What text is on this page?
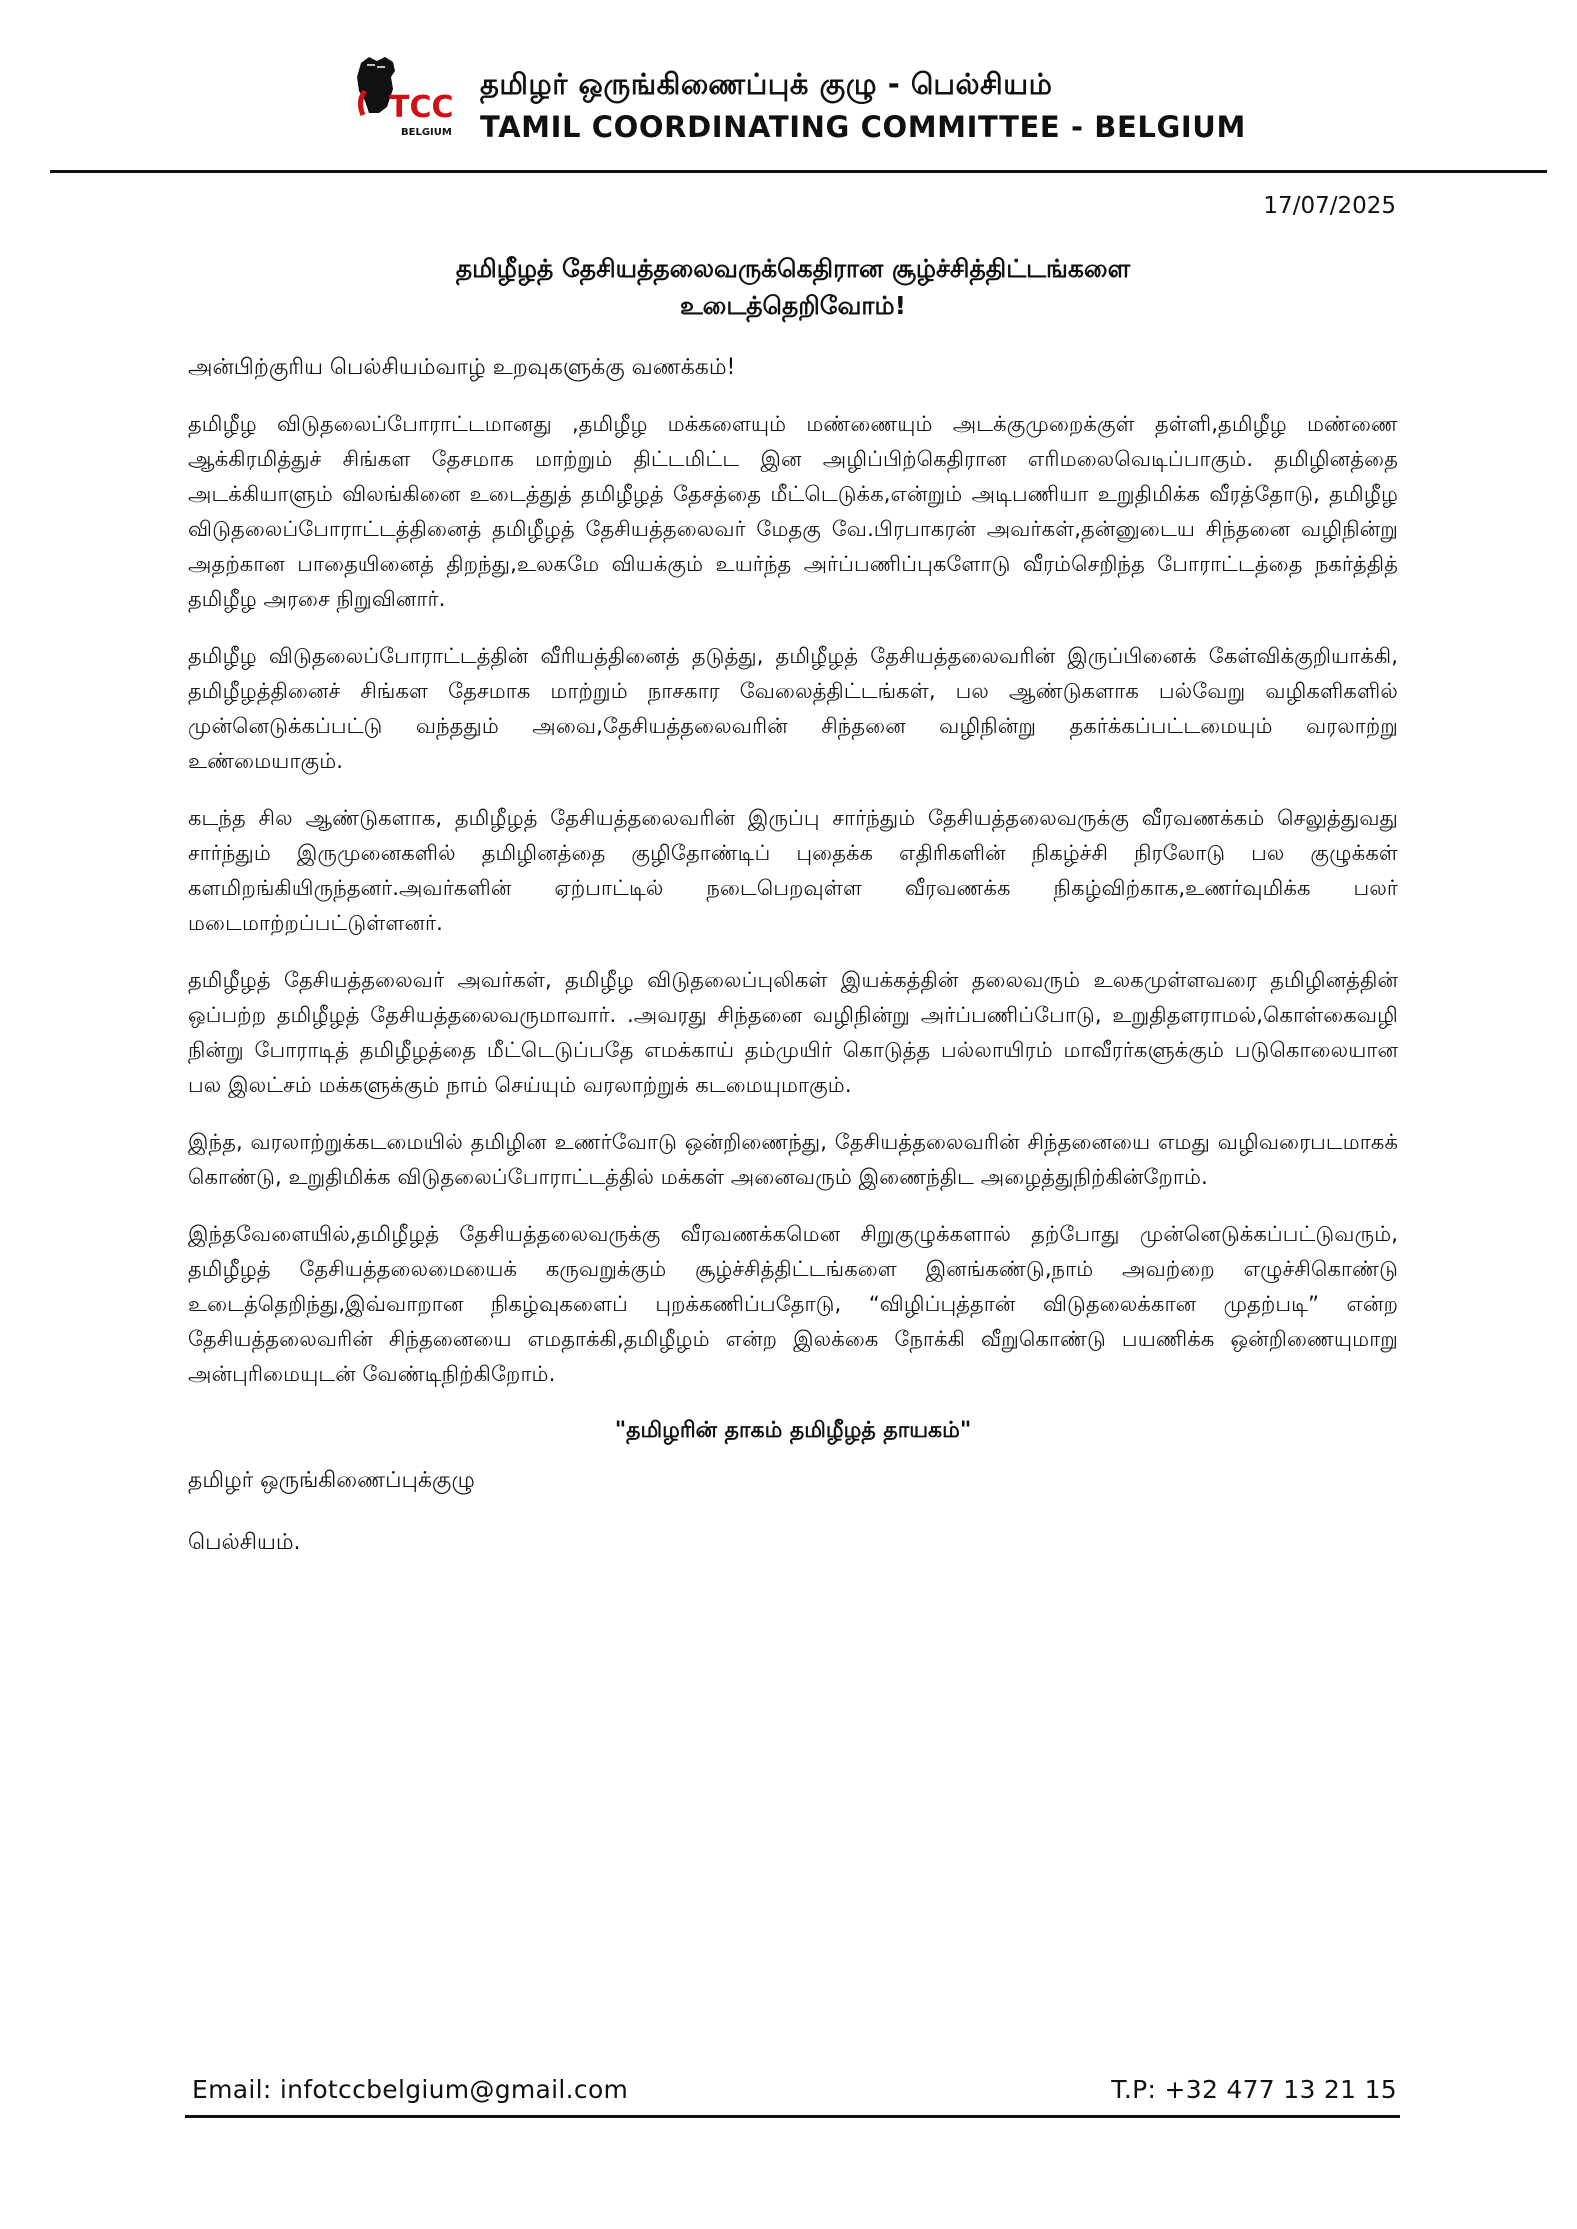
TCC
BELGIUM
தமிழர் ஒருங்கிணைப்புக் குழு - பெல்சியம்
TAMIL COORDINATING COMMITTEE - BELGIUM
17/07/2025
தமிழீழத் தேசியத்தலைவருக்கெதிரான சூழ்ச்சித்திட்டங்களை
உடைத்தெறிவோம்!

அன்பிற்குரிய பெல்சியம்வாழ் உறவுகளுக்கு வணக்கம்!

தமிழீழ விடுதலைப்போராட்டமானது ,தமிழீழ மக்களையும் மண்ணையும் அடக்குமுறைக்குள் தள்ளி,தமிழீழ மண்ணை ஆக்கிரமித்துச் சிங்கள தேசமாக மாற்றும் திட்டமிட்ட இன அழிப்பிற்கெதிரான எரிமலைவெடிப்பாகும். தமிழினத்தை அடக்கியாளும் விலங்கினை உடைத்துத் தமிழீழத் தேசத்தை மீட்டெடுக்க,என்றும் அடிபணியா உறுதிமிக்க வீரத்தோடு, தமிழீழ விடுதலைப்போராட்டத்தினைத் தமிழீழத் தேசியத்தலைவர் மேதகு வே.பிரபாகரன் அவர்கள்,தன்னுடைய சிந்தனை வழிநின்று அதற்கான பாதையினைத் திறந்து,உலகமே வியக்கும் உயர்ந்த அர்ப்பணிப்புகளோடு வீரம்செறிந்த போராட்டத்தை நகர்த்தித் தமிழீழ அரசை நிறுவினார்.

தமிழீழ விடுதலைப்போராட்டத்தின் வீரியத்தினைத் தடுத்து, தமிழீழத் தேசியத்தலைவரின் இருப்பினைக் கேள்விக்குறியாக்கி, தமிழீழத்தினைச் சிங்கள தேசமாக மாற்றும் நாசகார வேலைத்திட்டங்கள், பல ஆண்டுகளாக பல்வேறு வழிகளிகளில் முன்னெடுக்கப்பட்டு வந்ததும் அவை,தேசியத்தலைவரின் சிந்தனை வழிநின்று தகர்க்கப்பட்டமையும் வரலாற்று உண்மையாகும்.

கடந்த சில ஆண்டுகளாக, தமிழீழத் தேசியத்தலைவரின் இருப்பு சார்ந்தும் தேசியத்தலைவருக்கு வீரவணக்கம் செலுத்துவது சார்ந்தும் இருமுனைகளில் தமிழினத்தை குழிதோண்டிப் புதைக்க எதிரிகளின் நிகழ்ச்சி நிரலோடு பல குழுக்கள் களமிறங்கியிருந்தனர்.அவர்களின் ஏற்பாட்டில் நடைபெறவுள்ள வீரவணக்க நிகழ்விற்காக,உணர்வுமிக்க பலர் மடைமாற்றப்பட்டுள்ளனர்.

தமிழீழத் தேசியத்தலைவர் அவர்கள், தமிழீழ விடுதலைப்புலிகள் இயக்கத்தின் தலைவரும் உலகமுள்ளவரை தமிழினத்தின் ஒப்பற்ற தமிழீழத் தேசியத்தலைவருமாவார். .அவரது சிந்தனை வழிநின்று அர்ப்பணிப்போடு, உறுதிதளராமல்,கொள்கைவழி நின்று போராடித் தமிழீழத்தை மீட்டெடுப்பதே எமக்காய் தம்முயிர் கொடுத்த பல்லாயிரம் மாவீரர்களுக்கும் படுகொலையான பல இலட்சம் மக்களுக்கும் நாம் செய்யும் வரலாற்றுக் கடமையுமாகும்.

இந்த, வரலாற்றுக்கடமையில் தமிழின உணர்வோடு ஒன்றிணைந்து, தேசியத்தலைவரின் சிந்தனையை எமது வழிவரைபடமாகக் கொண்டு, உறுதிமிக்க விடுதலைப்போராட்டத்தில் மக்கள் அனைவரும் இணைந்திட அழைத்துநிற்கின்றோம்.

இந்தவேளையில்,தமிழீழத் தேசியத்தலைவருக்கு வீரவணக்கமென சிறுகுழுக்களால் தற்போது முன்னெடுக்கப்பட்டுவரும், தமிழீழத் தேசியத்தலைமையைக் கருவறுக்கும் சூழ்ச்சித்திட்டங்களை இனங்கண்டு,நாம் அவற்றை எழுச்சிகொண்டு உடைத்தெறிந்து,இவ்வாறான நிகழ்வுகளைப் புறக்கணிப்பதோடு, “விழிப்புத்தான் விடுதலைக்கான முதற்படி” என்ற தேசியத்தலைவரின் சிந்தனையை எமதாக்கி,தமிழீழம் என்ற இலக்கை நோக்கி வீறுகொண்டு பயணிக்க ஒன்றிணையுமாறு அன்புரிமையுடன் வேண்டிநிற்கிறோம்.

"தமிழரின் தாகம் தமிழீழத் தாயகம்"

தமிழர் ஒருங்கிணைப்புக்குழு

பெல்சியம்.

Email: infotccbelgium@gmail.com	T.P: +32 477 13 21 15
